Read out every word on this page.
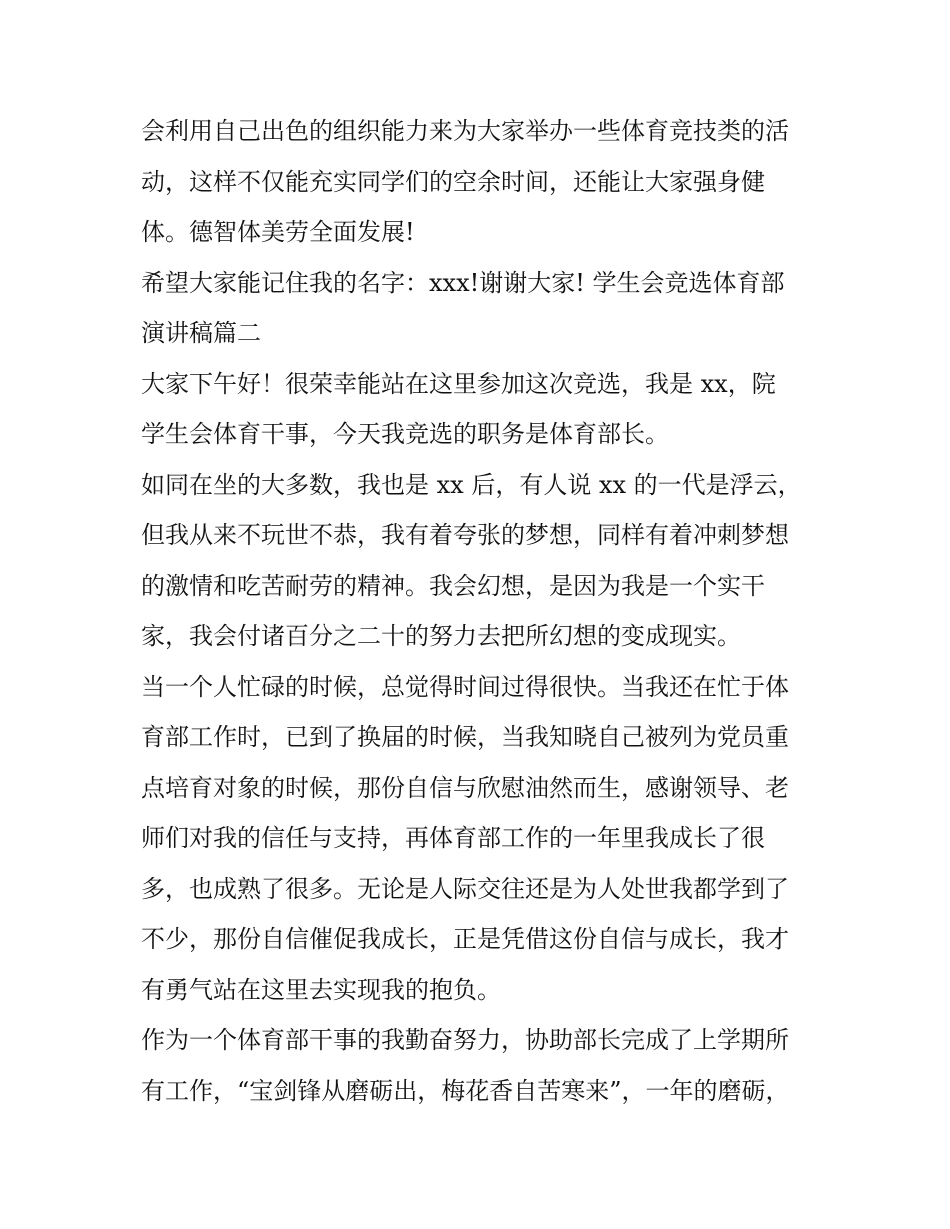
会利用自己出色的组织能力来为大家举办一些体育竞技类的活
动，这样不仅能充实同学们的空余时间，还能让大家强身健
体。德智体美劳全面发展!
希望大家能记住我的名字：xxx!谢谢大家! 学生会竞选体育部
演讲稿篇二
大家下午好！很荣幸能站在这里参加这次竞选，我是 xx，院
学生会体育干事，今天我竞选的职务是体育部长。
如同在坐的大多数，我也是 xx 后，有人说 xx 的一代是浮云，
但我从来不玩世不恭，我有着夸张的梦想，同样有着冲刺梦想
的激情和吃苦耐劳的精神。我会幻想，是因为我是一个实干
家，我会付诸百分之二十的努力去把所幻想的变成现实。
当一个人忙碌的时候，总觉得时间过得很快。当我还在忙于体
育部工作时，已到了换届的时候，当我知晓自己被列为党员重
点培育对象的时候，那份自信与欣慰油然而生，感谢领导、老
师们对我的信任与支持，再体育部工作的一年里我成长了很
多，也成熟了很多。无论是人际交往还是为人处世我都学到了
不少，那份自信催促我成长，正是凭借这份自信与成长，我才
有勇气站在这里去实现我的抱负。
作为一个体育部干事的我勤奋努力，协助部长完成了上学期所
有工作，“宝剑锋从磨砺出，梅花香自苦寒来”，一年的磨砺，
